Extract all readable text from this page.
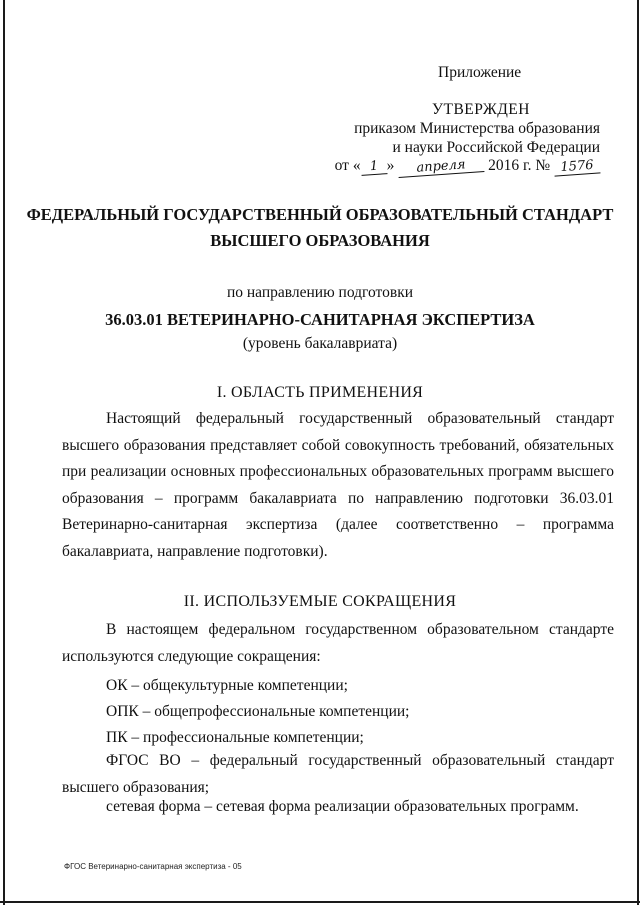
Приложение
УТВЕРЖДЕН
приказом Министерства образования
и науки Российской Федерации
от « 1 » апреля 2016 г. № 1576
ФЕДЕРАЛЬНЫЙ ГОСУДАРСТВЕННЫЙ ОБРАЗОВАТЕЛЬНЫЙ СТАНДАРТ
ВЫСШЕГО ОБРАЗОВАНИЯ
по направлению подготовки
36.03.01 ВЕТЕРИНАРНО-САНИТАРНАЯ ЭКСПЕРТИЗА
(уровень бакалавриата)
I. ОБЛАСТЬ ПРИМЕНЕНИЯ
Настоящий федеральный государственный образовательный стандарт высшего образования представляет собой совокупность требований, обязательных при реализации основных профессиональных образовательных программ высшего образования – программ бакалавриата по направлению подготовки 36.03.01 Ветеринарно-санитарная экспертиза (далее соответственно – программа бакалавриата, направление подготовки).
II. ИСПОЛЬЗУЕМЫЕ СОКРАЩЕНИЯ
В настоящем федеральном государственном образовательном стандарте используются следующие сокращения:
ОК – общекультурные компетенции;
ОПК – общепрофессиональные компетенции;
ПК – профессиональные компетенции;
ФГОС ВО – федеральный государственный образовательный стандарт высшего образования;
сетевая форма – сетевая форма реализации образовательных программ.
ФГОС Ветеринарно-санитарная экспертиза - 05
